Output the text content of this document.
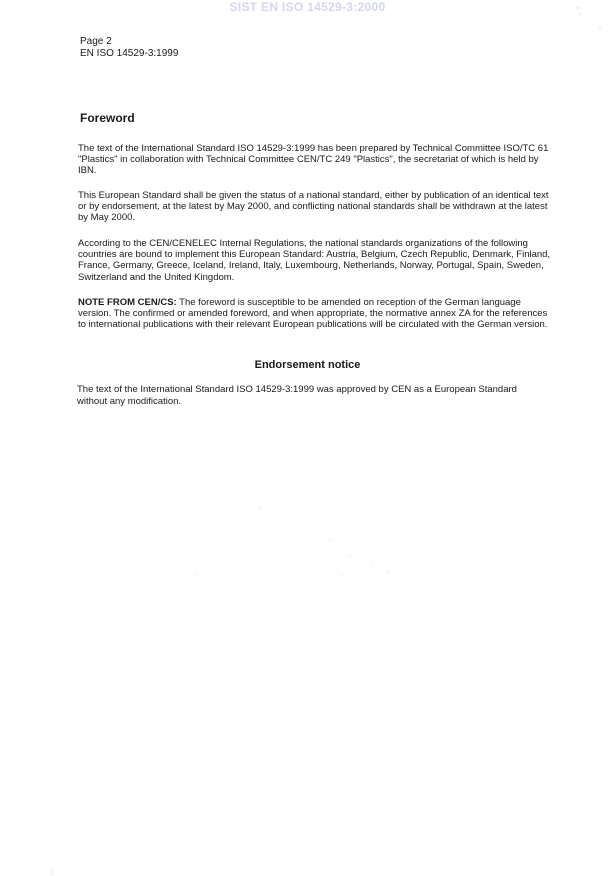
SIST EN ISO 14529-3:2000
Page 2
EN ISO 14529-3:1999
Foreword

The text of the International Standard ISO 14529-3:1999 has been prepared by Technical Committee ISO/TC 61 "Plastics" in collaboration with Technical Committee CEN/TC 249 "Plastics", the secretariat of which is held by IBN.

This European Standard shall be given the status of a national standard, either by publication of an identical text or by endorsement, at the latest by May 2000, and conflicting national standards shall be withdrawn at the latest by May 2000.

According to the CEN/CENELEC Internal Regulations, the national standards organizations of the following countries are bound to implement this European Standard: Austria, Belgium, Czech Republic, Denmark, Finland, France, Germany, Greece, Iceland, Ireland, Italy, Luxembourg, Netherlands, Norway, Portugal, Spain, Sweden, Switzerland and the United Kingdom.

NOTE FROM CEN/CS: The foreword is susceptible to be amended on reception of the German language version. The confirmed or amended foreword, and when appropriate, the normative annex ZA for the references to international publications with their relevant European publications will be circulated with the German version.

Endorsement notice
The text of the International Standard ISO 14529-3:1999 was approved by CEN as a European Standard without any modification.
